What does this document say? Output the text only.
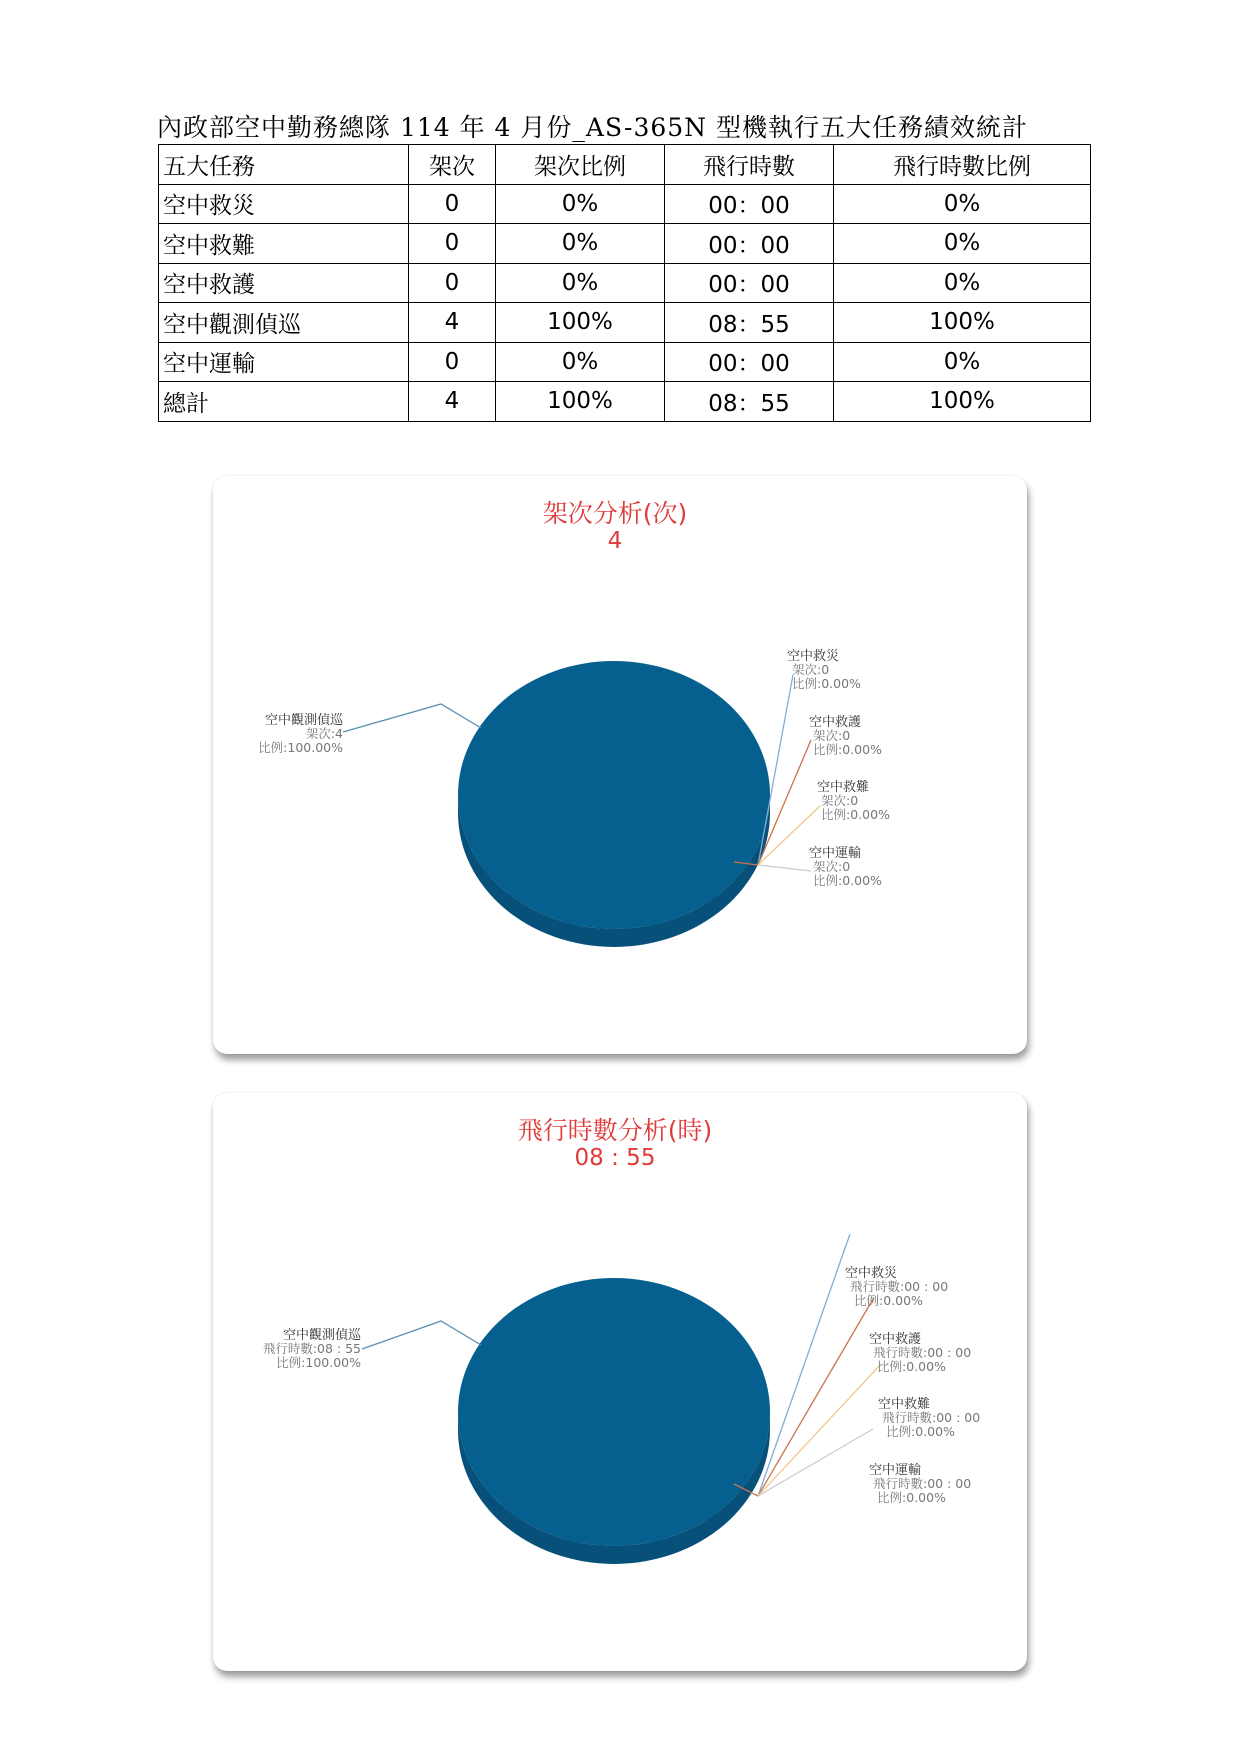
內政部空中勤務總隊 114 年 4 月份_AS-365N 型機執行五大任務績效統計
五大任務	架次	架次比例	飛行時數	飛行時數比例
空中救災	0	0%	00：00	0%
空中救難	0	0%	00：00	0%
空中救護	0	0%	00：00	0%
空中觀測偵巡	4	100%	08：55	100%
空中運輸	0	0%	00：00	0%
總計	4	100%	08：55	100%
架次分析(次)
4
空中觀測偵巡
架次:4
比例:100.00%
空中救災
架次:0
比例:0.00%
空中救護
架次:0
比例:0.00%
空中救難
架次:0
比例:0.00%
空中運輸
架次:0
比例:0.00%
飛行時數分析(時)
08 : 55
空中觀測偵巡
飛行時數:08 : 55
比例:100.00%
空中救災
飛行時數:00 : 00
比例:0.00%
空中救護
飛行時數:00 : 00
比例:0.00%
空中救難
飛行時數:00 : 00
比例:0.00%
空中運輸
飛行時數:00 : 00
比例:0.00%
